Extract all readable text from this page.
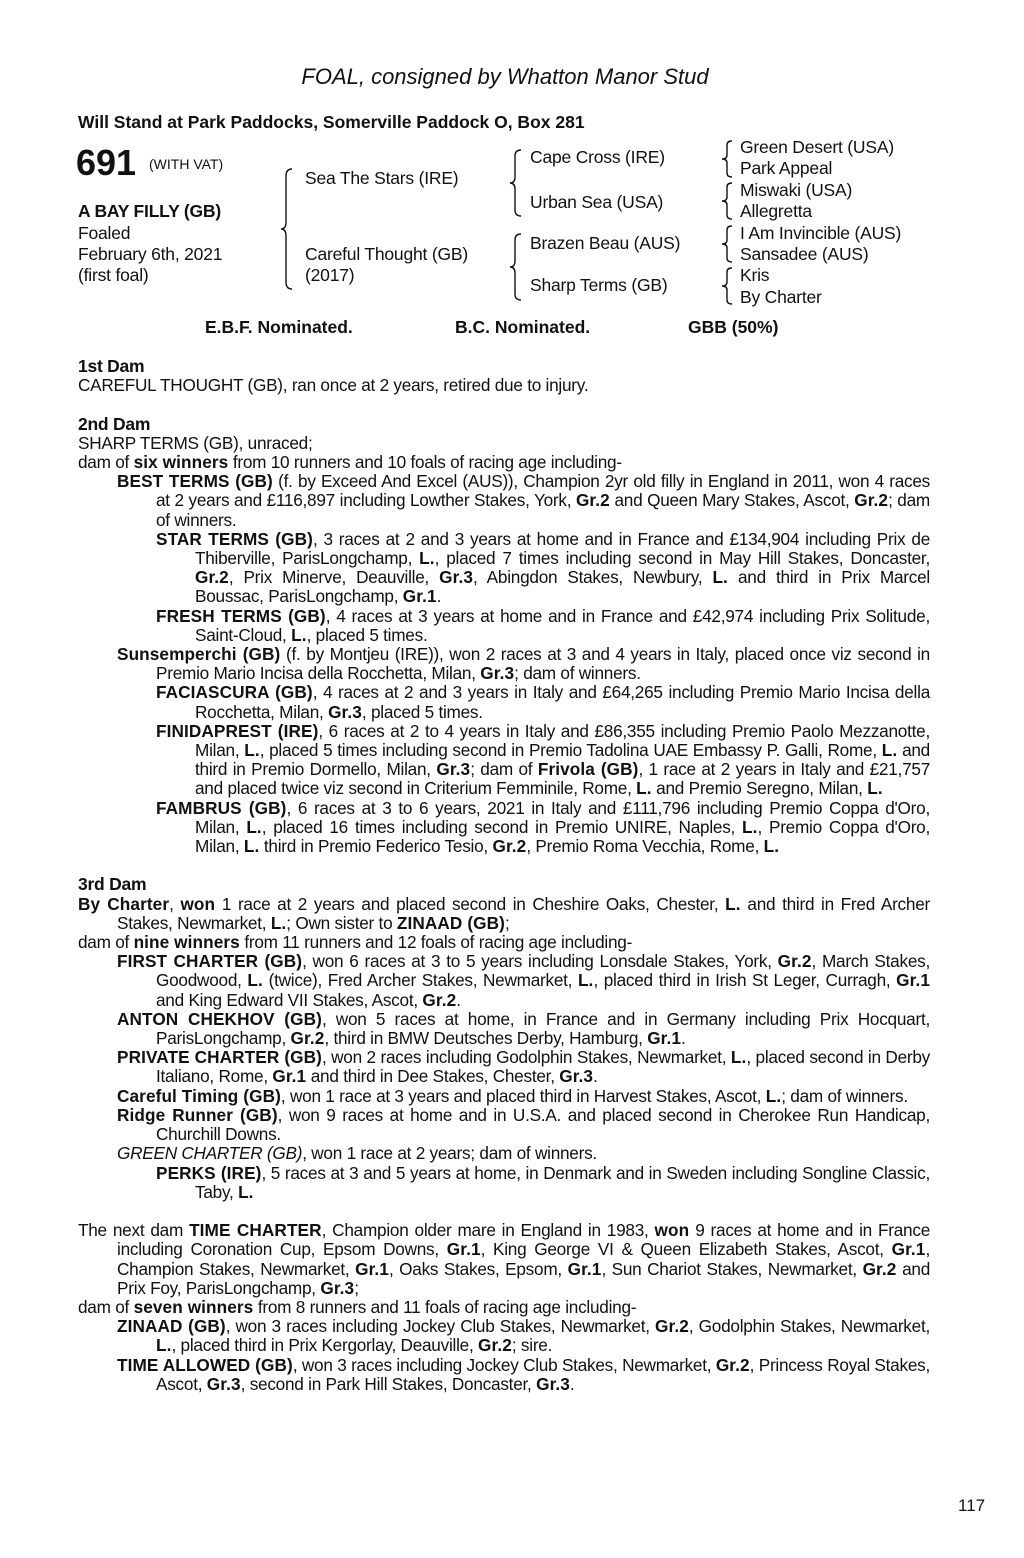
FOAL, consigned by Whatton Manor Stud
Will Stand at Park Paddocks, Somerville Paddock O, Box 281
691 (WITH VAT)
A BAY FILLY (GB)
Foaled
February 6th, 2021
(first foal)
Sea The Stars (IRE)
Careful Thought (GB)
(2017)
Cape Cross (IRE)
Urban Sea (USA)
Brazen Beau (AUS)
Sharp Terms (GB)
Green Desert (USA)
Park Appeal
Miswaki (USA)
Allegretta
I Am Invincible (AUS)
Sansadee (AUS)
Kris
By Charter
E.B.F. Nominated.	B.C. Nominated.	GBB (50%)
1st Dam
CAREFUL THOUGHT (GB), ran once at 2 years, retired due to injury.
2nd Dam
SHARP TERMS (GB), unraced;
dam of six winners from 10 runners and 10 foals of racing age including-
BEST TERMS (GB) (f. by Exceed And Excel (AUS)), Champion 2yr old filly in England in 2011, won 4 races at 2 years and £116,897 including Lowther Stakes, York, Gr.2 and Queen Mary Stakes, Ascot, Gr.2; dam of winners.
STAR TERMS (GB), 3 races at 2 and 3 years at home and in France and £134,904 including Prix de Thiberville, ParisLongchamp, L., placed 7 times including second in May Hill Stakes, Doncaster, Gr.2, Prix Minerve, Deauville, Gr.3, Abingdon Stakes, Newbury, L. and third in Prix Marcel Boussac, ParisLongchamp, Gr.1.
FRESH TERMS (GB), 4 races at 3 years at home and in France and £42,974 including Prix Solitude, Saint-Cloud, L., placed 5 times.
Sunsemperchi (GB) (f. by Montjeu (IRE)), won 2 races at 3 and 4 years in Italy, placed once viz second in Premio Mario Incisa della Rocchetta, Milan, Gr.3; dam of winners.
FACIASCURA (GB), 4 races at 2 and 3 years in Italy and £64,265 including Premio Mario Incisa della Rocchetta, Milan, Gr.3, placed 5 times.
FINIDAPREST (IRE), 6 races at 2 to 4 years in Italy and £86,355 including Premio Paolo Mezzanotte, Milan, L., placed 5 times including second in Premio Tadolina UAE Embassy P. Galli, Rome, L. and third in Premio Dormello, Milan, Gr.3; dam of Frivola (GB), 1 race at 2 years in Italy and £21,757 and placed twice viz second in Criterium Femminile, Rome, L. and Premio Seregno, Milan, L.
FAMBRUS (GB), 6 races at 3 to 6 years, 2021 in Italy and £111,796 including Premio Coppa d'Oro, Milan, L., placed 16 times including second in Premio UNIRE, Naples, L., Premio Coppa d'Oro, Milan, L. third in Premio Federico Tesio, Gr.2, Premio Roma Vecchia, Rome, L.
3rd Dam
By Charter, won 1 race at 2 years and placed second in Cheshire Oaks, Chester, L. and third in Fred Archer Stakes, Newmarket, L.; Own sister to ZINAAD (GB);
dam of nine winners from 11 runners and 12 foals of racing age including-
FIRST CHARTER (GB), won 6 races at 3 to 5 years including Lonsdale Stakes, York, Gr.2, March Stakes, Goodwood, L. (twice), Fred Archer Stakes, Newmarket, L., placed third in Irish St Leger, Curragh, Gr.1 and King Edward VII Stakes, Ascot, Gr.2.
ANTON CHEKHOV (GB), won 5 races at home, in France and in Germany including Prix Hocquart, ParisLongchamp, Gr.2, third in BMW Deutsches Derby, Hamburg, Gr.1.
PRIVATE CHARTER (GB), won 2 races including Godolphin Stakes, Newmarket, L., placed second in Derby Italiano, Rome, Gr.1 and third in Dee Stakes, Chester, Gr.3.
Careful Timing (GB), won 1 race at 3 years and placed third in Harvest Stakes, Ascot, L.; dam of winners.
Ridge Runner (GB), won 9 races at home and in U.S.A. and placed second in Cherokee Run Handicap, Churchill Downs.
GREEN CHARTER (GB), won 1 race at 2 years; dam of winners.
PERKS (IRE), 5 races at 3 and 5 years at home, in Denmark and in Sweden including Songline Classic, Taby, L.
The next dam TIME CHARTER, Champion older mare in England in 1983, won 9 races at home and in France including Coronation Cup, Epsom Downs, Gr.1, King George VI & Queen Elizabeth Stakes, Ascot, Gr.1, Champion Stakes, Newmarket, Gr.1, Oaks Stakes, Epsom, Gr.1, Sun Chariot Stakes, Newmarket, Gr.2 and Prix Foy, ParisLongchamp, Gr.3;
dam of seven winners from 8 runners and 11 foals of racing age including-
ZINAAD (GB), won 3 races including Jockey Club Stakes, Newmarket, Gr.2, Godolphin Stakes, Newmarket, L., placed third in Prix Kergorlay, Deauville, Gr.2; sire.
TIME ALLOWED (GB), won 3 races including Jockey Club Stakes, Newmarket, Gr.2, Princess Royal Stakes, Ascot, Gr.3, second in Park Hill Stakes, Doncaster, Gr.3.
117
